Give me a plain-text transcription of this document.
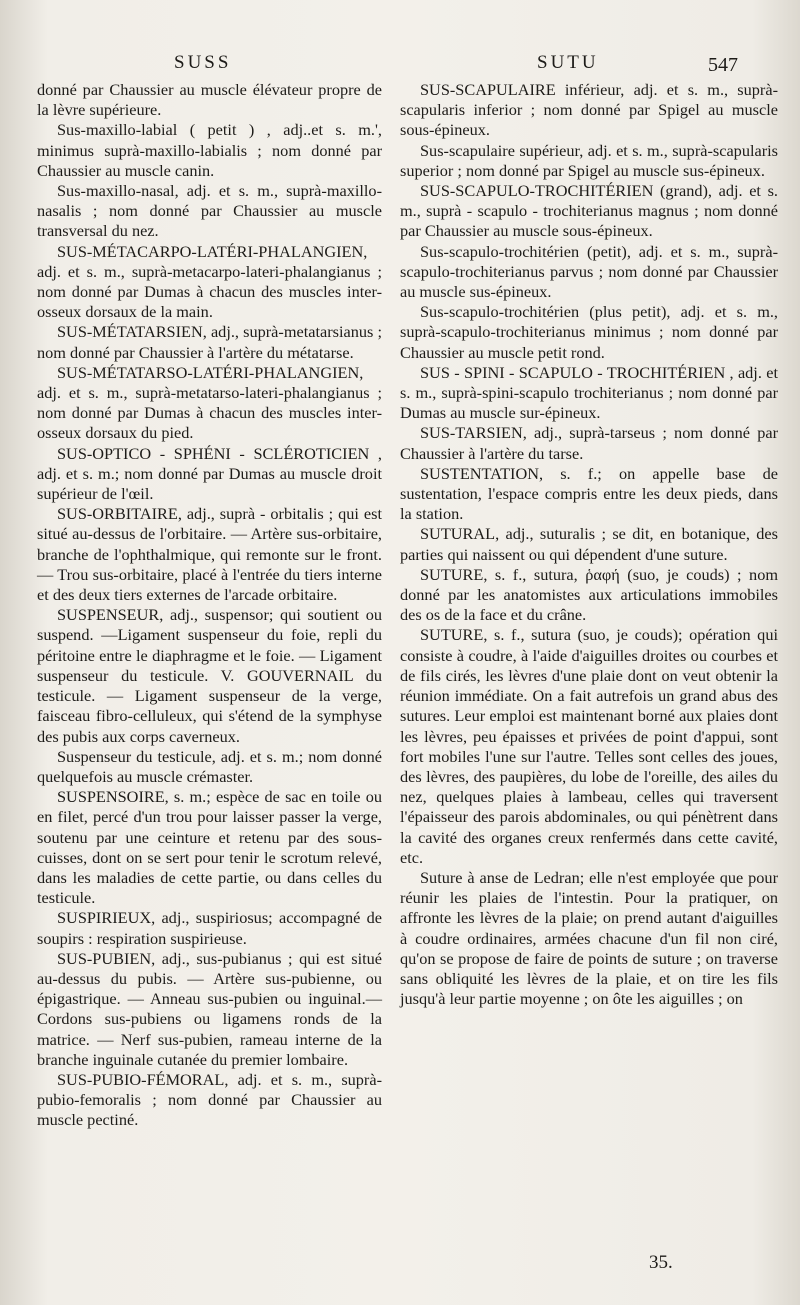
SUSS	SUTU	547

donné par Chaussier au muscle élévateur propre de la lèvre supérieure.

Sus-maxillo-labial ( petit ) , adj..et s. m.', minimus suprà-maxillo-labialis ; nom donné par Chaussier au muscle canin.

Sus-maxillo-nasal, adj. et s. m., suprà-maxillo-nasalis ; nom donné par Chaussier au muscle transversal du nez.

SUS-MÉTACARPO-LATÉRI-PHALANGIEN, adj. et s. m., suprà-metacarpo-lateri-phalangianus ; nom donné par Dumas à chacun des muscles inter-osseux dorsaux de la main.

SUS-MÉTATARSIEN, adj., suprà-metatarsianus ; nom donné par Chaussier à l'artère du métatarse.

SUS-MÉTATARSO-LATÉRI-PHALANGIEN, adj. et s. m., suprà-metatarso-lateri-phalangianus ; nom donné par Dumas à chacun des muscles inter-osseux dorsaux du pied.

SUS-OPTICO - SPHÉNI - SCLÉROTICIEN , adj. et s. m.; nom donné par Dumas au muscle droit supérieur de l'œil.

SUS-ORBITAIRE, adj., suprà - orbitalis ; qui est situé au-dessus de l'orbitaire. — Artère sus-orbitaire, branche de l'ophthalmique, qui remonte sur le front. — Trou sus-orbitaire, placé à l'entrée du tiers interne et des deux tiers externes de l'arcade orbitaire.

SUSPENSEUR, adj., suspensor; qui soutient ou suspend. —Ligament suspenseur du foie, repli du péritoine entre le diaphragme et le foie. — Ligament suspenseur du testicule. V. GOUVERNAIL du testicule. — Ligament suspenseur de la verge, faisceau fibro-celluleux, qui s'étend de la symphyse des pubis aux corps caverneux.

Suspenseur du testicule, adj. et s. m.; nom donné quelquefois au muscle crémaster.

SUSPENSOIRE, s. m.; espèce de sac en toile ou en filet, percé d'un trou pour laisser passer la verge, soutenu par une ceinture et retenu par des sous-cuisses, dont on se sert pour tenir le scrotum relevé, dans les maladies de cette partie, ou dans celles du testicule.

SUSPIRIEUX, adj., suspiriosus; accompagné de soupirs : respiration suspirieuse.

SUS-PUBIEN, adj., sus-pubianus ; qui est situé au-dessus du pubis. — Artère sus-pubienne, ou épigastrique. — Anneau sus-pubien ou inguinal.—Cordons sus-pubiens ou ligamens ronds de la matrice. — Nerf sus-pubien, rameau interne de la branche inguinale cutanée du premier lombaire.

SUS-PUBIO-FÉMORAL, adj. et s. m., suprà-pubio-femoralis ; nom donné par Chaussier au muscle pectiné.

SUS-SCAPULAIRE inférieur, adj. et s. m., suprà-scapularis inferior ; nom donné par Spigel au muscle sous-épineux.

Sus-scapulaire supérieur, adj. et s. m., suprà-scapularis superior ; nom donné par Spigel au muscle sus-épineux.

SUS-SCAPULO-TROCHITÉRIEN (grand), adj. et s. m., suprà - scapulo - trochiterianus magnus ; nom donné par Chaussier au muscle sous-épineux.

Sus-scapulo-trochitérien (petit), adj. et s. m., suprà-scapulo-trochiterianus parvus ; nom donné par Chaussier au muscle sus-épineux.

Sus-scapulo-trochitérien (plus petit), adj. et s. m., suprà-scapulo-trochiterianus minimus ; nom donné par Chaussier au muscle petit rond.

SUS - SPINI - SCAPULO - TROCHITÉRIEN , adj. et s. m., suprà-spini-scapulo trochiterianus ; nom donné par Dumas au muscle sur-épineux.

SUS-TARSIEN, adj., suprà-tarseus ; nom donné par Chaussier à l'artère du tarse.

SUSTENTATION, s. f.; on appelle base de sustentation, l'espace compris entre les deux pieds, dans la station.

SUTURAL, adj., suturalis ; se dit, en botanique, des parties qui naissent ou qui dépendent d'une suture.

SUTURE, s. f., sutura, ῥαφή (suo, je couds) ; nom donné par les anatomistes aux articulations immobiles des os de la face et du crâne.

SUTURE, s. f., sutura (suo, je couds); opération qui consiste à coudre, à l'aide d'aiguilles droites ou courbes et de fils cirés, les lèvres d'une plaie dont on veut obtenir la réunion immédiate. On a fait autrefois un grand abus des sutures. Leur emploi est maintenant borné aux plaies dont les lèvres, peu épaisses et privées de point d'appui, sont fort mobiles l'une sur l'autre. Telles sont celles des joues, des lèvres, des paupières, du lobe de l'oreille, des ailes du nez, quelques plaies à lambeau, celles qui traversent l'épaisseur des parois abdominales, ou qui pénètrent dans la cavité des organes creux renfermés dans cette cavité, etc.

Suture à anse de Ledran; elle n'est employée que pour réunir les plaies de l'intestin. Pour la pratiquer, on affronte les lèvres de la plaie; on prend autant d'aiguilles à coudre ordinaires, armées chacune d'un fil non ciré, qu'on se propose de faire de points de suture ; on traverse sans obliquité les lèvres de la plaie, et on tire les fils jusqu'à leur partie moyenne ; on ôte les aiguilles ; on

35.
